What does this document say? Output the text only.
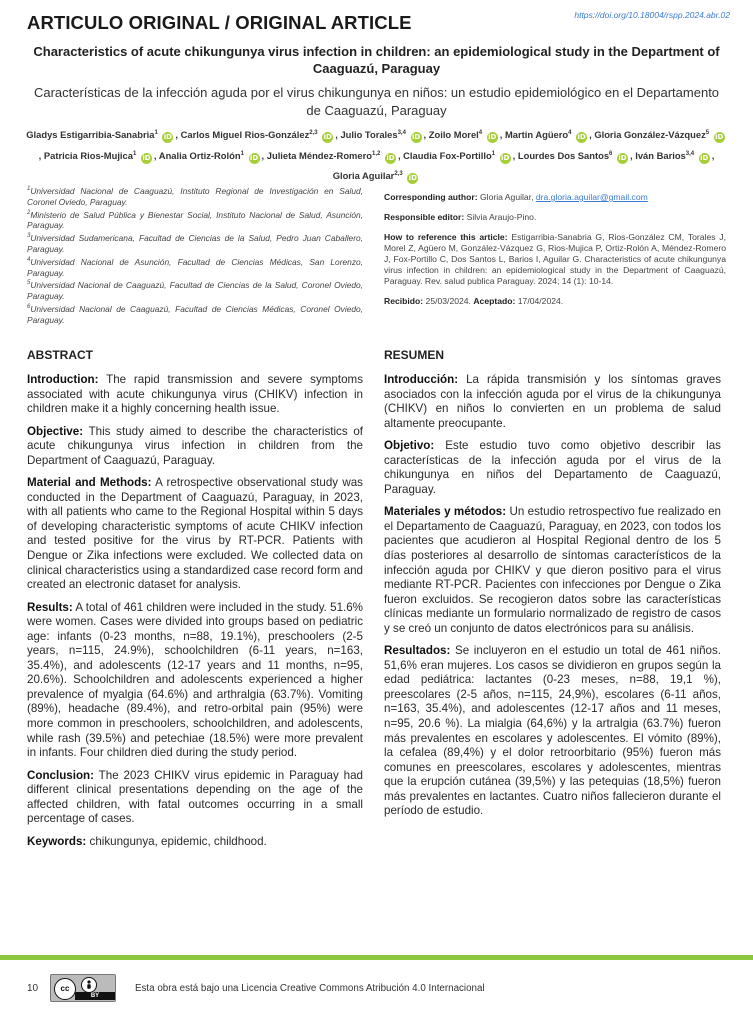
ARTICULO ORIGINAL / ORIGINAL ARTICLE	https://doi.org/10.18004/rspp.2024.abr.02
Characteristics of acute chikungunya virus infection in children: an epidemiological study in the Department of Caaguazú, Paraguay
Características de la infección aguda por el virus chikungunya en niños: un estudio epidemiológico en el Departamento de Caaguazú, Paraguay
Gladys Estigarribia-Sanabria$^1$ iD , Carlos Miguel Rios-González$^{2,3}$ iD , Julio Torales$^{3,4}$ iD , Zoilo Morel$^4$ iD , Martin Agüero$^4$ iD , Gloria González-Vázquez$^5$ iD, Patricia Rios-Mujica$^1$ iD , Analia Ortiz-Rolón$^1$ iD , Julieta Méndez-Romero$^{1,2}$ iD , Claudia Fox-Portillo$^1$ iD , Lourdes Dos Santos$^6$ iD , Iván Barios$^{3,4}$ iD , Gloria Aguilar$^{2,3}$ iD

$^1$Universidad Nacional de Caaguazú, Instituto Regional de Investigación en Salud, Coronel Oviedo, Paraguay.

$^2$Ministerio de Salud Pública y Bienestar Social, Instituto Nacional de Salud, Asunción, Paraguay.

$^3$Universidad Sudamericana, Facultad de Ciencias de la Salud, Pedro Juan Caballero, Paraguay.

$^4$Universidad Nacional de Asunción, Facultad de Ciencias Médicas, San Lorenzo, Paraguay.

$^5$Universidad Nacional de Caaguazú, Facultad de Ciencias de la Salud, Coronel Oviedo, Paraguay.

$^6$Universidad Nacional de Caaguazú, Facultad de Ciencias Médicas, Coronel Oviedo, Paraguay.

Corresponding author: Gloria Aguilar, dra.gloria.aguilar@gmail.com

Responsible editor: Silvia Araujo-Pino.

How to reference this article: Estigarribia-Sanabria G, Rios-González CM, Torales J, Morel Z, Agüero M, González-Vázquez G, Rios-Mujica P, Ortiz-Rolón A, Méndez-Romero J, Fox-Portillo C, Dos Santos L, Barios I, Aguilar G. Characteristics of acute chikungunya virus infection in children: an epidemiological study in the Department of Caaguazú, Paraguay. Rev. salud publica Paraguay. 2024; 14 (1): 10-14.

Recibido: 25/03/2024. Aceptado: 17/04/2024.

ABSTRACT	RESUMEN

Introduction: The rapid transmission and severe symptoms associated with acute chikungunya virus (CHIKV) infection in children make it a highly concerning health issue.

Objective: This study aimed to describe the characteristics of acute chikungunya virus infection in children from the Department of Caaguazú, Paraguay.

Material and Methods: A retrospective observational study was conducted in the Department of Caaguazú, Paraguay, in 2023, with all patients who came to the Regional Hospital within 5 days of developing characteristic symptoms of acute CHIKV infection and tested positive for the virus by RT-PCR. Patients with Dengue or Zika infections were excluded. We collected data on clinical characteristics using a standardized case record form and created an electronic dataset for analysis.

Results: A total of 461 children were included in the study. 51.6% were women. Cases were divided into groups based on pediatric age: infants (0-23 months, n=88, 19.1%), preschoolers (2-5 years, n=115, 24.9%), schoolchildren (6-11 years, n=163, 35.4%), and adolescents (12-17 years and 11 months, n=95, 20.6%). Schoolchildren and adolescents experienced a higher prevalence of myalgia (64.6%) and arthralgia (63.7%). Vomiting (89%), headache (89.4%), and retro-orbital pain (95%) were more common in preschoolers, schoolchildren, and adolescents, while rash (39.5%) and petechiae (18.5%) were more prevalent in infants. Four children died during the study period.

Conclusion: The 2023 CHIKV virus epidemic in Paraguay had different clinical presentations depending on the age of the affected children, with fatal outcomes occurring in a small percentage of cases.

Keywords: chikungunya, epidemic, childhood.

Introducción: La rápida transmisión y los síntomas graves asociados con la infección aguda por el virus de la chikungunya (CHIKV) en niños lo convierten en un problema de salud altamente preocupante.

Objetivo: Este estudio tuvo como objetivo describir las características de la infección aguda por el virus de la chikungunya en niños del Departamento de Caaguazú, Paraguay.

Materiales y métodos: Un estudio retrospectivo fue realizado en el Departamento de Caaguazú, Paraguay, en 2023, con todos los pacientes que acudieron al Hospital Regional dentro de los 5 días posteriores al desarrollo de síntomas característicos de la infección aguda por CHIKV y que dieron positivo para el virus mediante RT-PCR. Pacientes con infecciones por Dengue o Zika fueron excluidos. Se recogieron datos sobre las características clínicas mediante un formulario normalizado de registro de casos y se creó un conjunto de datos electrónicos para su análisis.

Resultados: Se incluyeron en el estudio un total de 461 niños. 51,6% eran mujeres. Los casos se dividieron en grupos según la edad pediátrica: lactantes (0-23 meses, n=88, 19,1 %), preescolares (2-5 años, n=115, 24,9%), escolares (6-11 años, n=163, 35.4%), and adolescentes (12-17 años and 11 meses, n=95, 20.6 %). La mialgia (64,6%) y la artralgia (63.7%) fueron más prevalentes en escolares y adolescentes. El vómito (89%), la cefalea (89,4%) y el dolor retroorbitario (95%) fueron más comunes en preescolares, escolares y adolescentes, mientras que la erupción cutánea (39,5%) y las petequias (18,5%) fueron más prevalentes en lactantes. Cuatro niños fallecieron durante el período de estudio.

10	cc
BY
Esta obra está bajo una Licencia Creative Commons Atribución 4.0 Internacional
